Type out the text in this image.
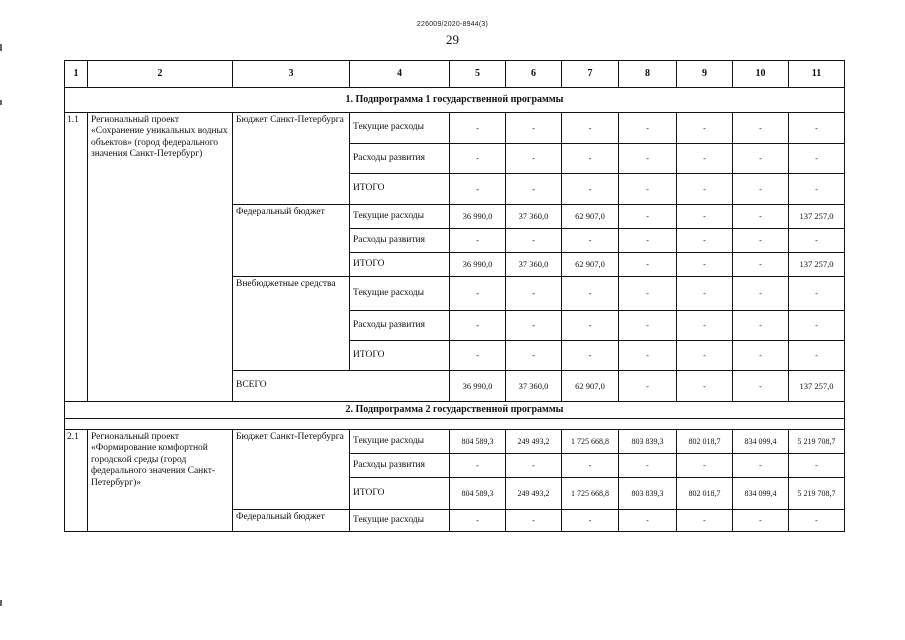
226009/2020-8944(3)
29
1	2	3	4	5	6	7	8	9	10	11
1. Подпрограмма 1 государственной программы										
1.1	Региональный проект «Сохранение уникальных водных объектов» (город федерального значения Санкт-Петербург)	Бюджет Санкт-Петербурга	Текущие расходы	-	-	-	-	-	-	-
			Расходы развития	-	-	-	-	-	-	-
			ИТОГО	-	-	-	-	-	-	-
		Федеральный бюджет	Текущие расходы	36 990,0	37 360,0	62 907,0	-	-	-	137 257,0
			Расходы развития	-	-	-	-	-	-	-
			ИТОГО	36 990,0	37 360,0	62 907,0	-	-	-	137 257,0
		Внебюджетные средства	Текущие расходы	-	-	-	-	-	-	-
			Расходы развития	-	-	-	-	-	-	-
			ИТОГО	-	-	-	-	-	-	-
		ВСЕГО		36 990,0	37 360,0	62 907,0	-	-	-	137 257,0
2. Подпрограмма 2 государственной программы										

2.1	Региональный проект «Формирование комфортной городской среды (город федерального значения Санкт-Петербург)»	Бюджет Санкт-Петербурга	Текущие расходы	804 589,3	249 493,2	1 725 668,8	803 839,3	802 018,7	834 099,4	5 219 708,7
			Расходы развития	-	-	-	-	-	-	-
			ИТОГО	804 589,3	249 493,2	1 725 668,8	803 839,3	802 018,7	834 099,4	5 219 708,7
		Федеральный бюджет	Текущие расходы	-	-	-	-	-	-	-
